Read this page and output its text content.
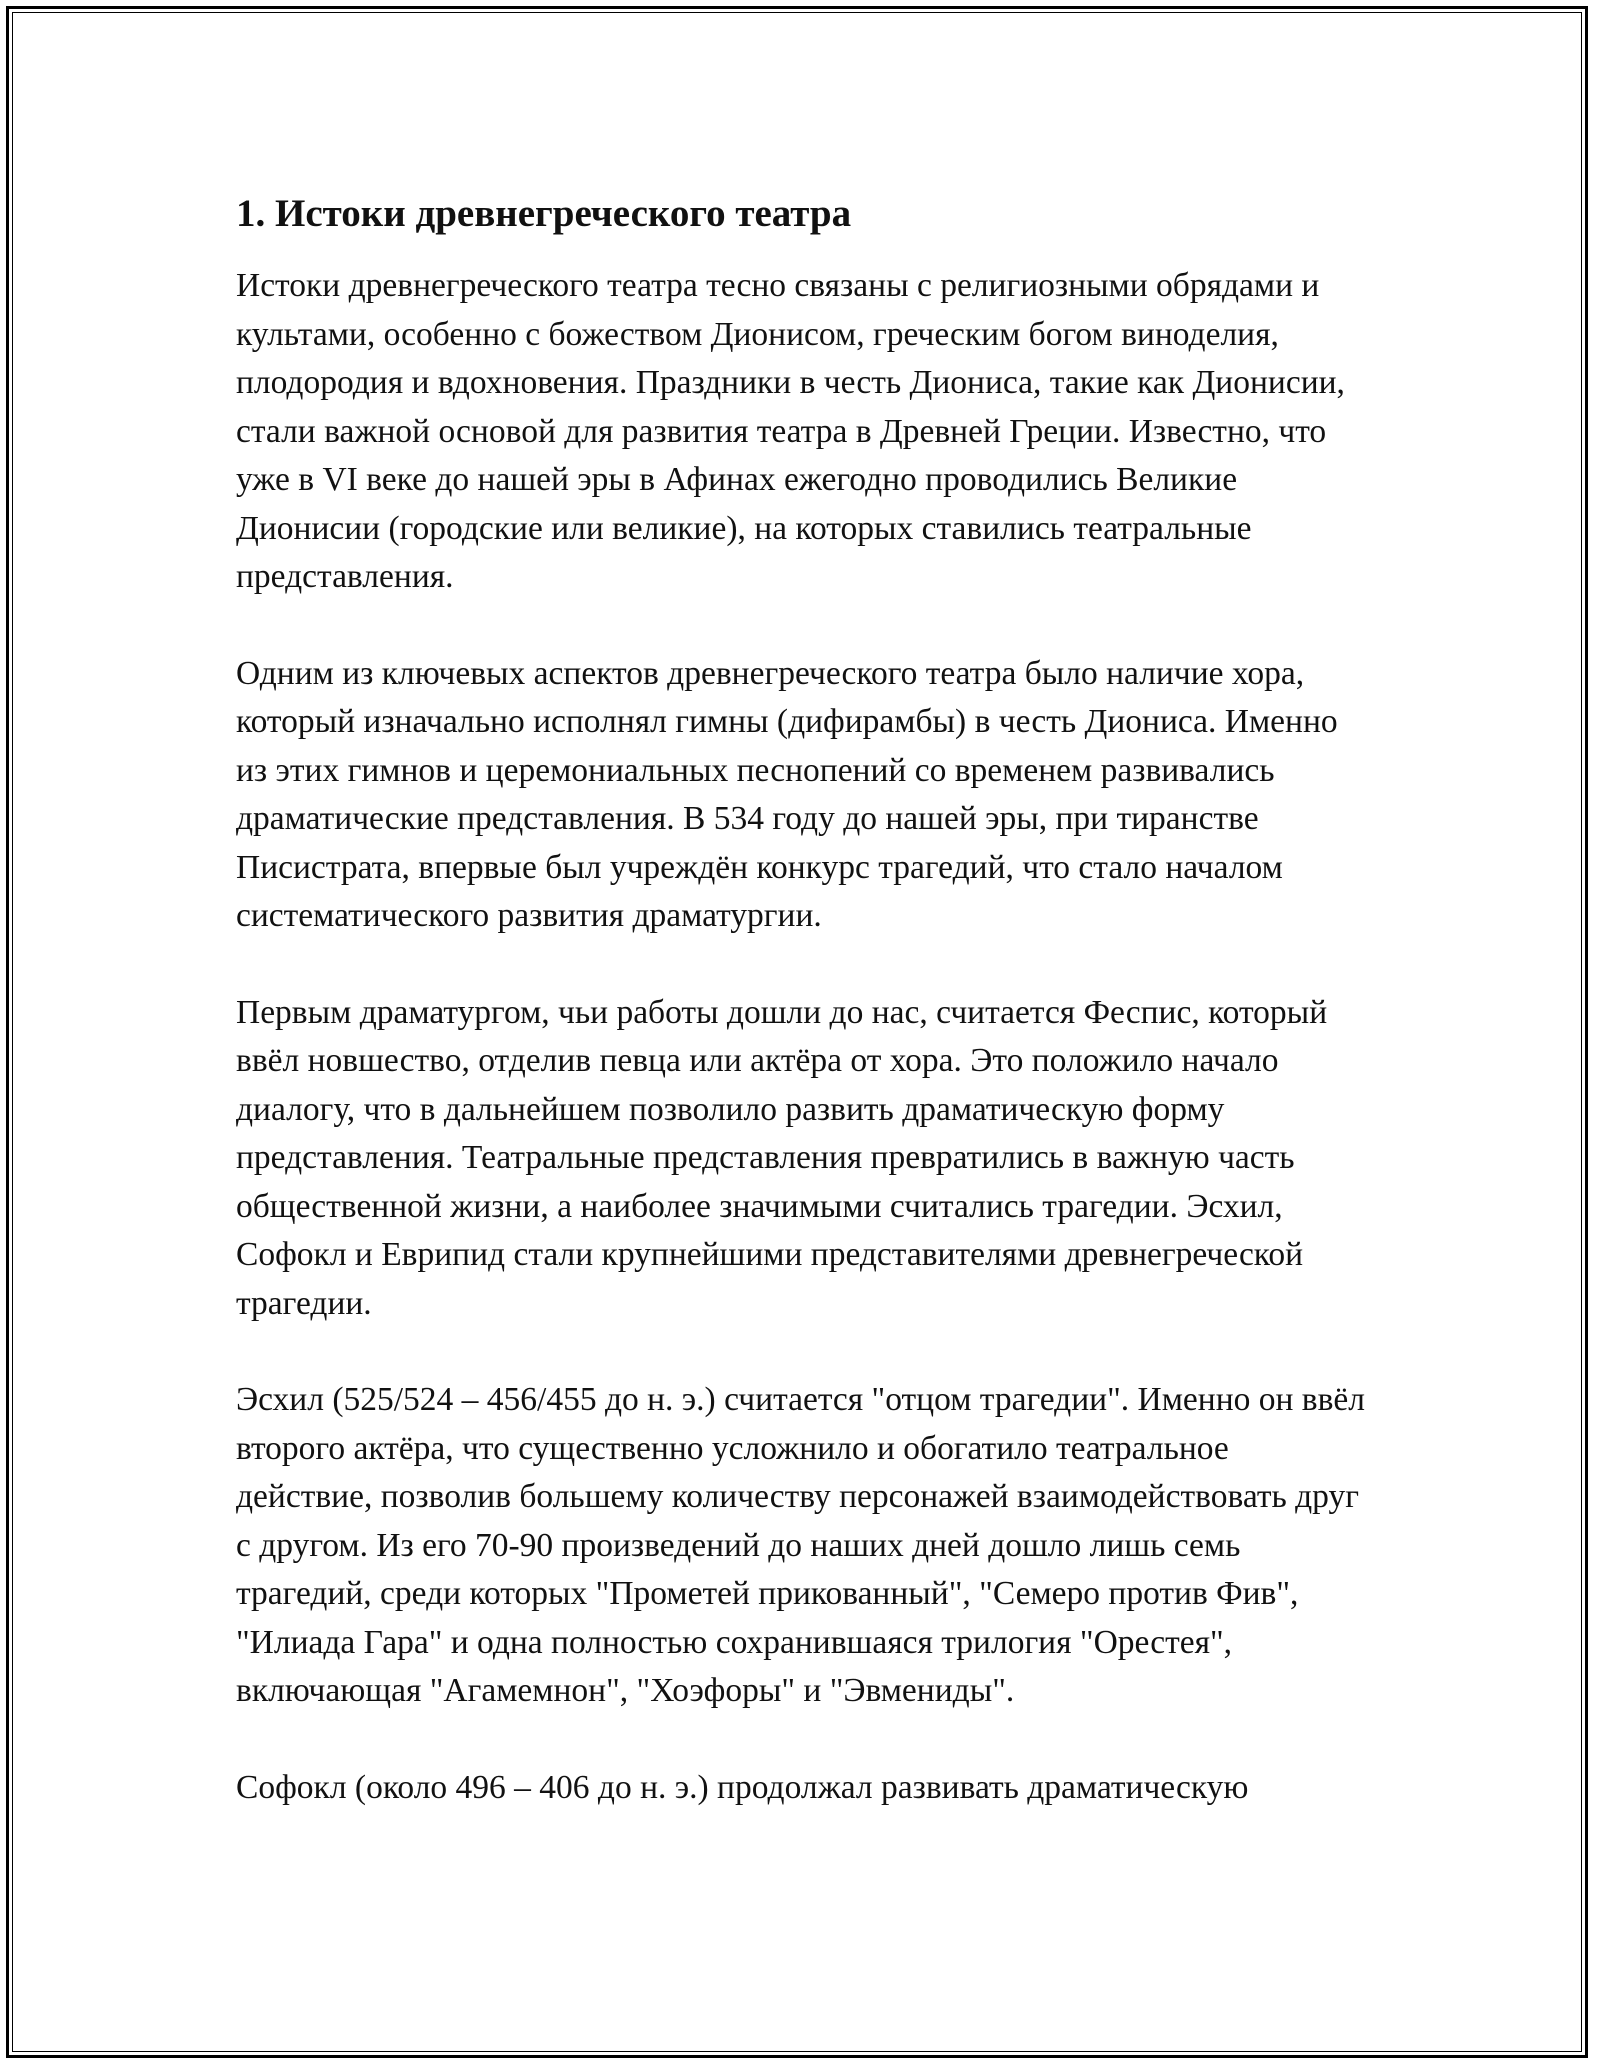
1. Истоки древнегреческого театра

Истоки древнегреческого театра тесно связаны с религиозными обрядами и культами, особенно с божеством Дионисом, греческим богом виноделия, плодородия и вдохновения. Праздники в честь Диониса, такие как Дионисии, стали важной основой для развития театра в Древней Греции. Известно, что уже в VI веке до нашей эры в Афинах ежегодно проводились Великие Дионисии (городские или великие), на которых ставились театральные представления.

Одним из ключевых аспектов древнегреческого театра было наличие хора, который изначально исполнял гимны (дифирамбы) в честь Диониса. Именно из этих гимнов и церемониальных песнопений со временем развивались драматические представления. В 534 году до нашей эры, при тиранстве Писистрата, впервые был учреждён конкурс трагедий, что стало началом систематического развития драматургии.

Первым драматургом, чьи работы дошли до нас, считается Феспис, который ввёл новшество, отделив певца или актёра от хора. Это положило начало диалогу, что в дальнейшем позволило развить драматическую форму представления. Театральные представления превратились в важную часть общественной жизни, а наиболее значимыми считались трагедии. Эсхил, Софокл и Еврипид стали крупнейшими представителями древнегреческой трагедии.

Эсхил (525/524 – 456/455 до н. э.) считается "отцом трагедии". Именно он ввёл второго актёра, что существенно усложнило и обогатило театральное действие, позволив большему количеству персонажей взаимодействовать друг с другом. Из его 70-90 произведений до наших дней дошло лишь семь трагедий, среди которых "Прометей прикованный", "Семеро против Фив", "Илиада Гара" и одна полностью сохранившаяся трилогия "Орестея", включающая "Агамемнон", "Хоэфоры" и "Эвмениды".

Софокл (около 496 – 406 до н. э.) продолжал развивать драматическую
